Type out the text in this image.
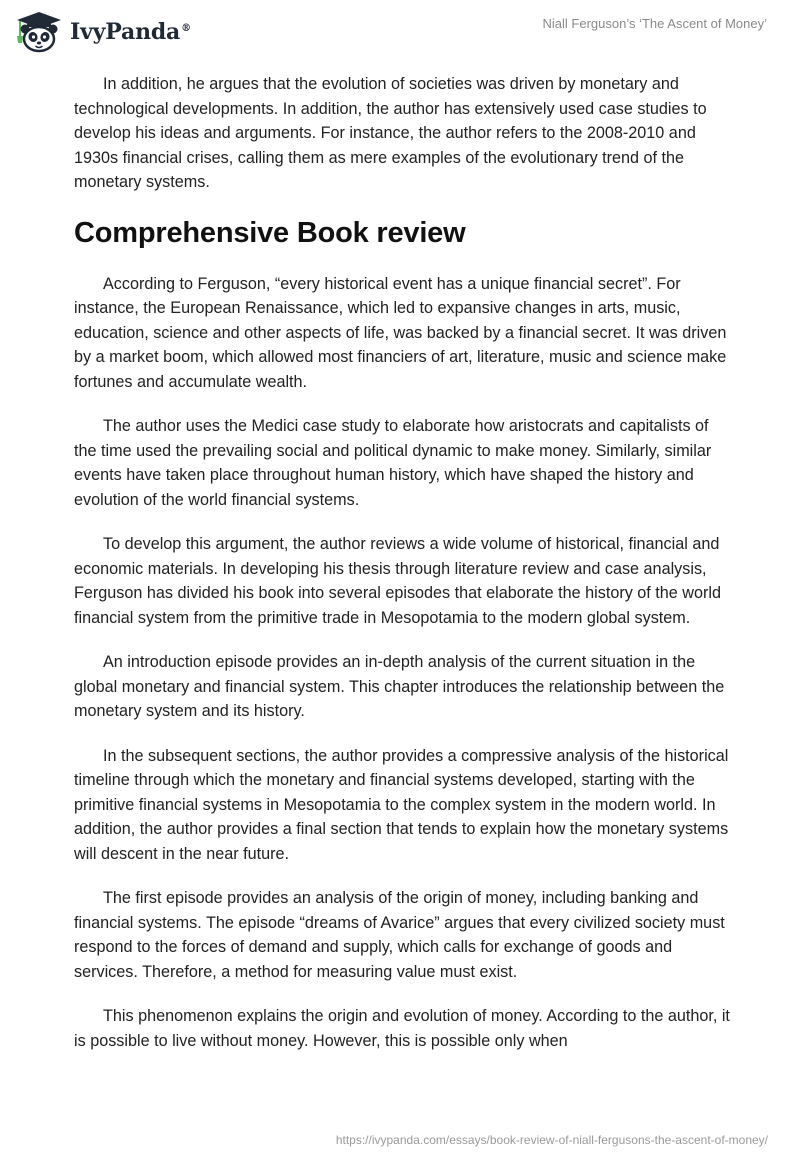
IvyPanda®	Niall Ferguson’s ‘The Ascent of Money’

In addition, he argues that the evolution of societies was driven by monetary and technological developments. In addition, the author has extensively used case studies to develop his ideas and arguments. For instance, the author refers to the 2008-2010 and 1930s financial crises, calling them as mere examples of the evolutionary trend of the monetary systems.

Comprehensive Book review

According to Ferguson, “every historical event has a unique financial secret”. For instance, the European Renaissance, which led to expansive changes in arts, music, education, science and other aspects of life, was backed by a financial secret. It was driven by a market boom, which allowed most financiers of art, literature, music and science make fortunes and accumulate wealth.

The author uses the Medici case study to elaborate how aristocrats and capitalists of the time used the prevailing social and political dynamic to make money. Similarly, similar events have taken place throughout human history, which have shaped the history and evolution of the world financial systems.

To develop this argument, the author reviews a wide volume of historical, financial and economic materials. In developing his thesis through literature review and case analysis, Ferguson has divided his book into several episodes that elaborate the history of the world financial system from the primitive trade in Mesopotamia to the modern global system.

An introduction episode provides an in-depth analysis of the current situation in the global monetary and financial system. This chapter introduces the relationship between the monetary system and its history.

In the subsequent sections, the author provides a compressive analysis of the historical timeline through which the monetary and financial systems developed, starting with the primitive financial systems in Mesopotamia to the complex system in the modern world. In addition, the author provides a final section that tends to explain how the monetary systems will descent in the near future.

The first episode provides an analysis of the origin of money, including banking and financial systems. The episode “dreams of Avarice” argues that every civilized society must respond to the forces of demand and supply, which calls for exchange of goods and services. Therefore, a method for measuring value must exist.

This phenomenon explains the origin and evolution of money. According to the author, it is possible to live without money. However, this is possible only when

https://ivypanda.com/essays/book-review-of-niall-fergusons-the-ascent-of-money/
